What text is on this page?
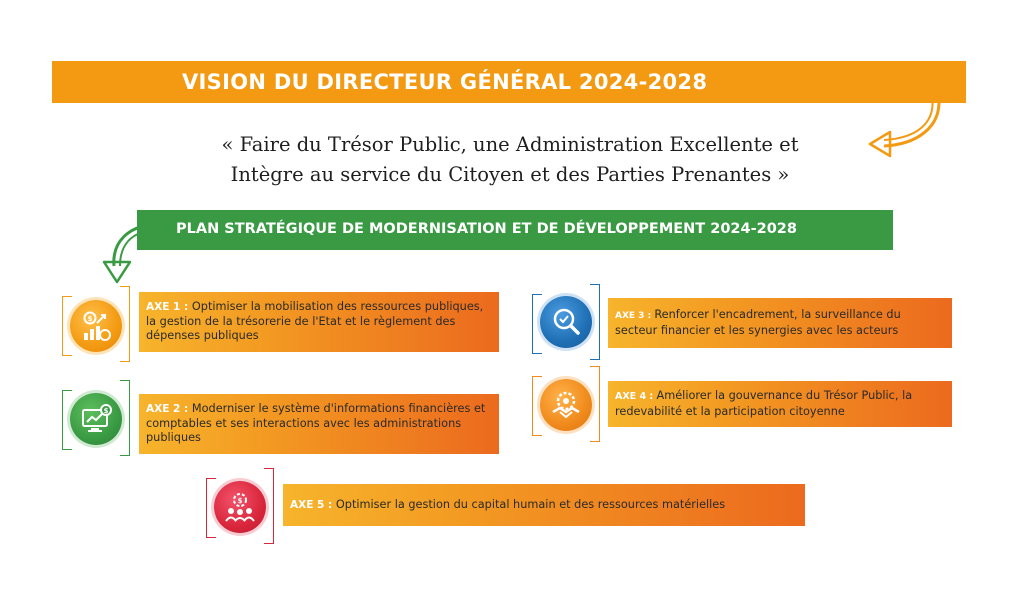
VISION DU DIRECTEUR GÉNÉRAL 2024-2028
« Faire du Trésor Public, une Administration Excellente et
Intègre au service du Citoyen et des Parties Prenantes »
PLAN STRATÉGIQUE DE MODERNISATION ET DE DÉVELOPPEMENT 2024-2028
$
AXE 1 : Optimiser la mobilisation des ressources publiques, la gestion de la trésorerie de l'Etat et le règlement des dépenses publiques
$	AXE 2 : Moderniser le système d'informations financières et comptables et ses interactions avec les administrations publiques
AXE 3 : Renforcer l'encadrement, la surveillance du secteur financier et les synergies avec les acteurs
AXE 4 : Améliorer la gouvernance du Trésor Public, la redevabilité et la participation citoyenne
$	AXE 5 : Optimiser la gestion du capital humain et des ressources matérielles
